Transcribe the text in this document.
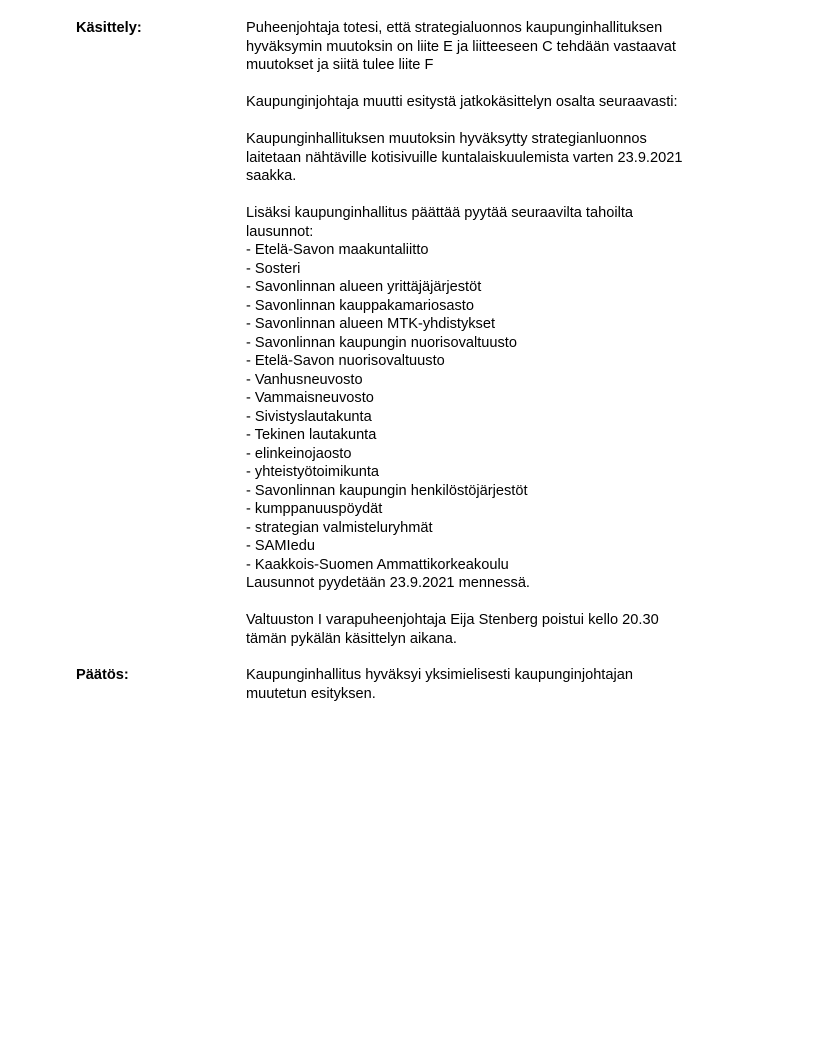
Käsittely:	Puheenjohtaja totesi, että strategialuonnos kaupunginhallituksen
hyväksymin muutoksin on liite E ja liitteeseen C tehdään vastaavat
muutokset ja siitä tulee liite F
Kaupunginjohtaja muutti esitystä jatkokäsittelyn osalta seuraavasti:
Kaupunginhallituksen muutoksin hyväksytty strategianluonnos
laitetaan nähtäville kotisivuille kuntalaiskuulemista varten 23.9.2021
saakka.
Lisäksi kaupunginhallitus päättää pyytää seuraavilta tahoilta
lausunnot:
- Etelä-Savon maakuntaliitto
- Sosteri
- Savonlinnan alueen yrittäjäjärjestöt
- Savonlinnan kauppakamariosasto
- Savonlinnan alueen MTK-yhdistykset
- Savonlinnan kaupungin nuorisovaltuusto
- Etelä-Savon nuorisovaltuusto
- Vanhusneuvosto
- Vammaisneuvosto
- Sivistyslautakunta
- Tekinen lautakunta
- elinkeinojaosto
- yhteistyötoimikunta
- Savonlinnan kaupungin henkilöstöjärjestöt
- kumppanuuspöydät
- strategian valmisteluryhmät
- SAMIedu
- Kaakkois-Suomen Ammattikorkeakoulu
Lausunnot pyydetään 23.9.2021 mennessä.
Valtuuston I varapuheenjohtaja Eija Stenberg poistui kello 20.30
tämän pykälän käsittelyn aikana.
Päätös:	Kaupunginhallitus hyväksyi yksimielisesti kaupunginjohtajan
muutetun esityksen.
